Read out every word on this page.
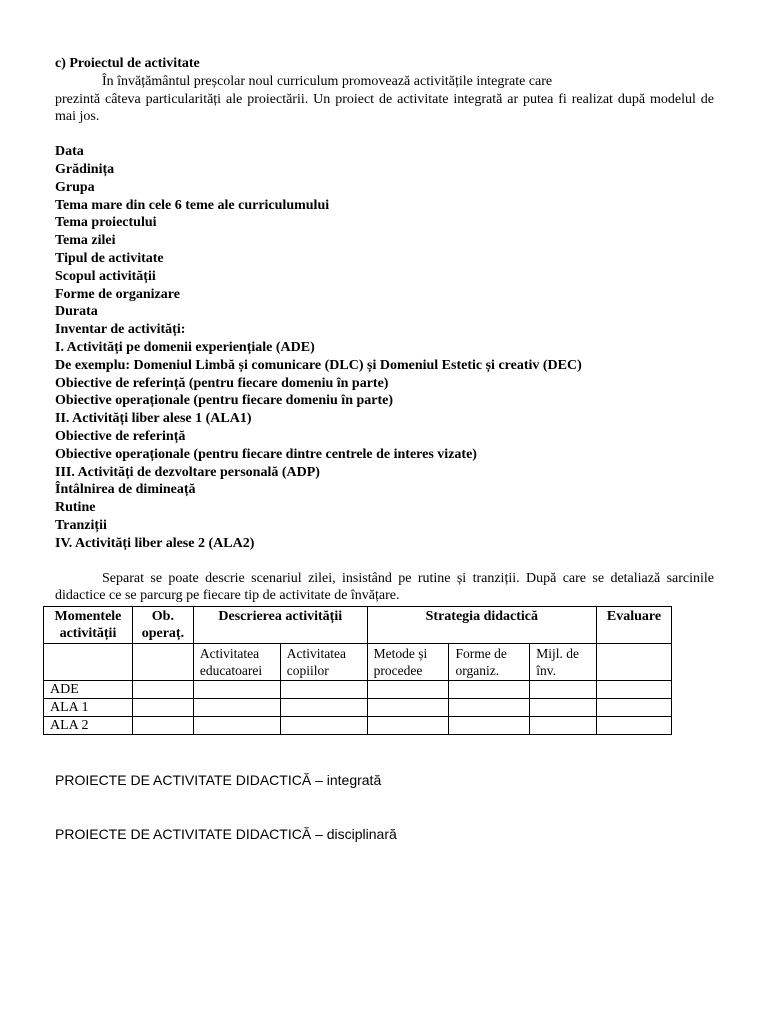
c) Proiectul de activitate
În învățământul preșcolar noul curriculum promovează activitățile integrate care
prezintă câteva particularități ale proiectării. Un proiect de activitate integrată ar putea fi realizat după modelul de mai jos.
Data
Grădinița
Grupa
Tema mare din cele 6 teme ale curriculumului
Tema proiectului
Tema zilei
Tipul de activitate
Scopul activității
Forme de organizare
Durata
Inventar de activități:
I. Activități pe domenii experiențiale (ADE)
De exemplu: Domeniul Limbă și comunicare (DLC) și Domeniul Estetic și creativ (DEC)
Obiective de referință (pentru fiecare domeniu în parte)
Obiective operaționale (pentru fiecare domeniu în parte)
II. Activități liber alese 1 (ALA1)
Obiective de referință
Obiective operaționale (pentru fiecare dintre centrele de interes vizate)
III. Activități de dezvoltare personală (ADP)
Întâlnirea de dimineață
Rutine
Tranziții
IV. Activități liber alese 2 (ALA2)
Separat se poate descrie scenariul zilei, insistând pe rutine și tranziții. După care se detaliază sarcinile didactice ce se parcurg pe fiecare tip de activitate de învățare.
Momentele activității	Ob. operaț.	Descrierea activității		Strategia didactică			Evaluare
		Activitatea educatoarei	Activitatea copiilor	Metode și procedee	Forme de organiz.	Mijl. de înv.	
ADE							
ALA 1							
ALA 2							
PROIECTE DE ACTIVITATE DIDACTICĂ – integrată
PROIECTE DE ACTIVITATE DIDACTICĂ – disciplinară
